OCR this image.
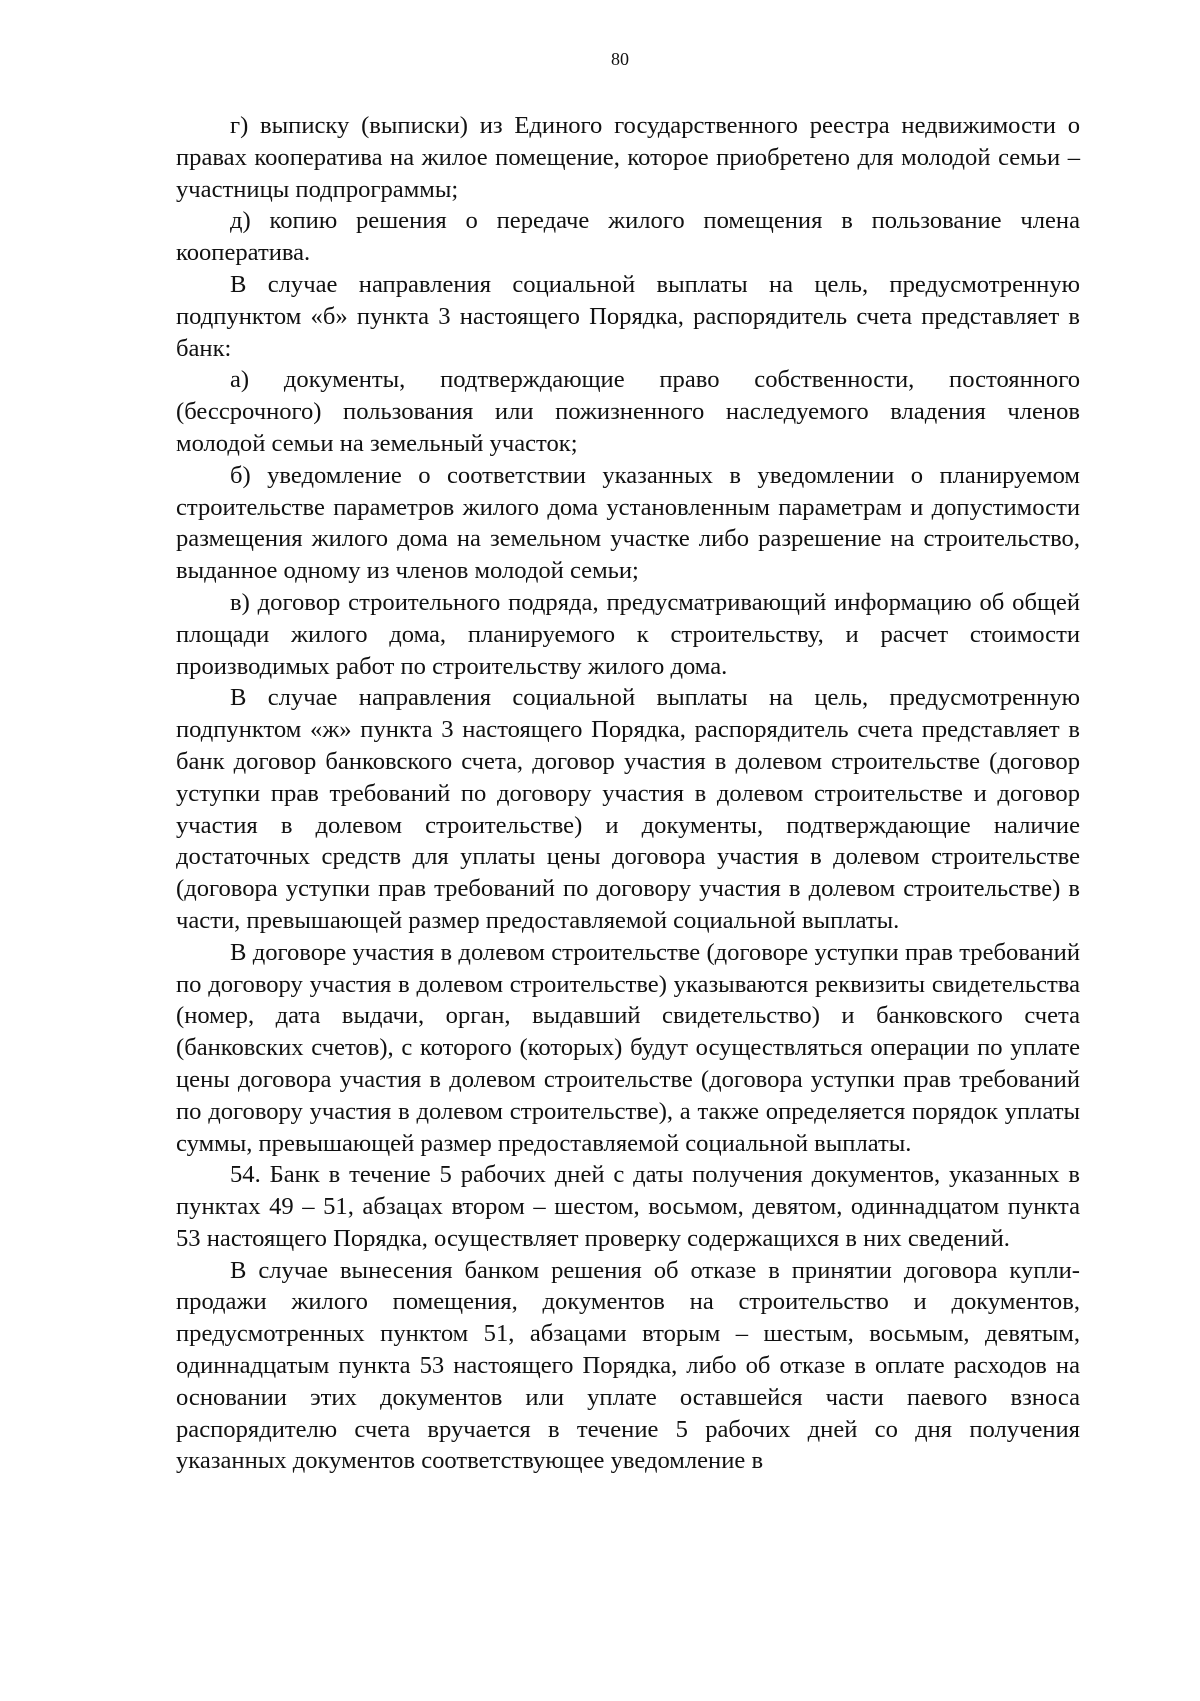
80

г) выписку (выписки) из Единого государственного реестра недвижимости о правах кооператива на жилое помещение, которое приобретено для молодой семьи – участницы подпрограммы;

д) копию решения о передаче жилого помещения в пользование члена кооператива.

В случае направления социальной выплаты на цель, предусмотренную подпунктом «б» пункта 3 настоящего Порядка, распорядитель счета представляет в банк:

а) документы, подтверждающие право собственности, постоянного (бессрочного) пользования или пожизненного наследуемого владения членов молодой семьи на земельный участок;

б) уведомление о соответствии указанных в уведомлении о планируемом строительстве параметров жилого дома установленным параметрам и допустимости размещения жилого дома на земельном участке либо разрешение на строительство, выданное одному из членов молодой семьи;

в) договор строительного подряда, предусматривающий информацию об общей площади жилого дома, планируемого к строительству, и расчет стоимости производимых работ по строительству жилого дома.

В случае направления социальной выплаты на цель, предусмотренную подпунктом «ж» пункта 3 настоящего Порядка, распорядитель счета представляет в банк договор банковского счета, договор участия в долевом строительстве (договор уступки прав требований по договору участия в долевом строительстве и договор участия в долевом строительстве) и документы, подтверждающие наличие достаточных средств для уплаты цены договора участия в долевом строительстве (договора уступки прав требований по договору участия в долевом строительстве) в части, превышающей размер предоставляемой социальной выплаты.

В договоре участия в долевом строительстве (договоре уступки прав требований по договору участия в долевом строительстве) указываются реквизиты свидетельства (номер, дата выдачи, орган, выдавший свидетельство) и банковского счета (банковских счетов), с которого (которых) будут осуществляться операции по уплате цены договора участия в долевом строительстве (договора уступки прав требований по договору участия в долевом строительстве), а также определяется порядок уплаты суммы, превышающей размер предоставляемой социальной выплаты.

54. Банк в течение 5 рабочих дней с даты получения документов, указанных в пунктах 49 – 51, абзацах втором – шестом, восьмом, девятом, одиннадцатом пункта 53 настоящего Порядка, осуществляет проверку содержащихся в них сведений.

В случае вынесения банком решения об отказе в принятии договора купли-продажи жилого помещения, документов на строительство и документов, предусмотренных пунктом 51, абзацами вторым – шестым, восьмым, девятым, одиннадцатым пункта 53 настоящего Порядка, либо об отказе в оплате расходов на основании этих документов или уплате оставшейся части паевого взноса распорядителю счета вручается в течение 5 рабочих дней со дня получения указанных документов соответствующее уведомление в
